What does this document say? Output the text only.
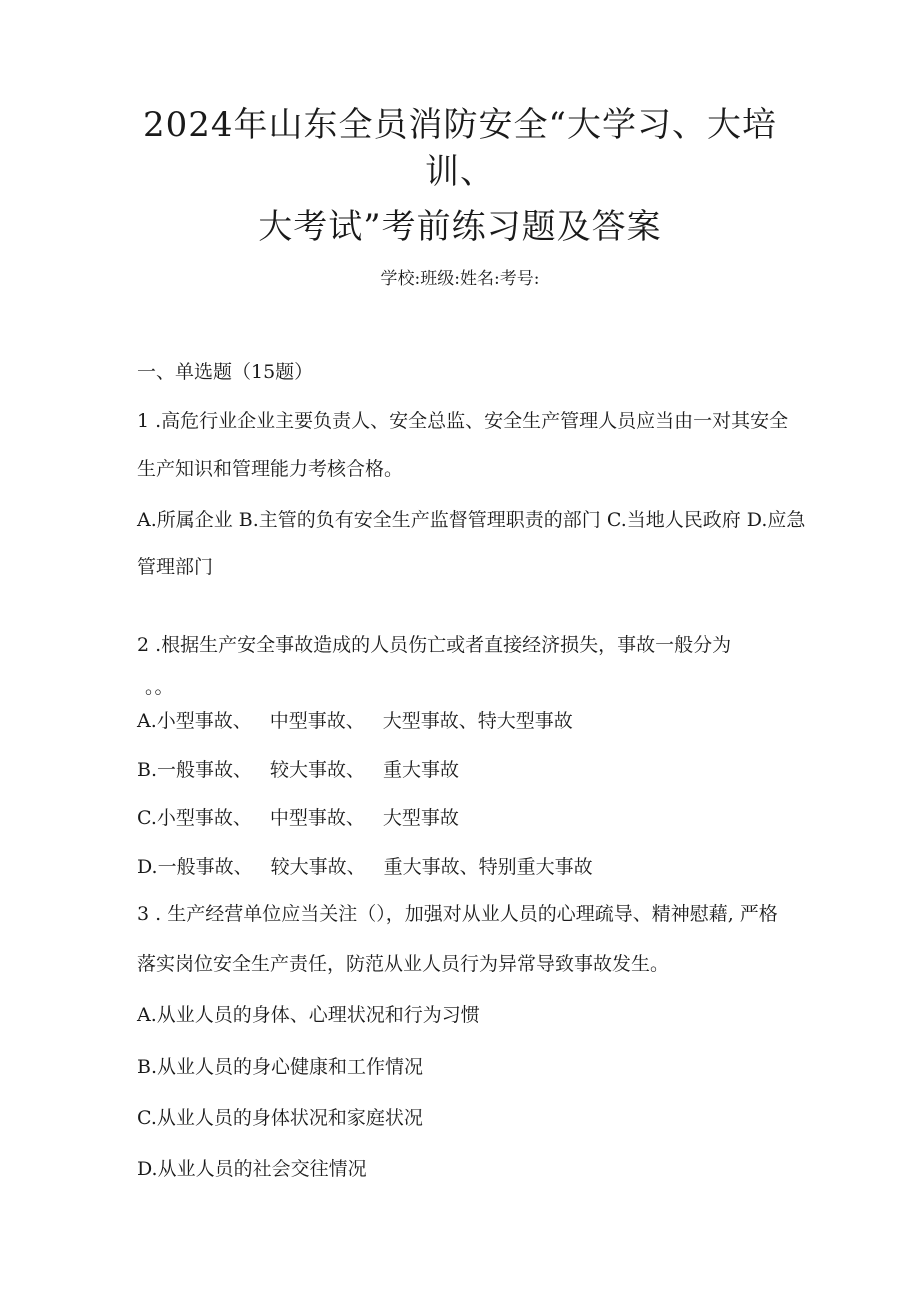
2024年山东全员消防安全“大学习、大培
训、
大考试”考前练习题及答案
学校:班级:姓名:考号:
一、单选题（15题）
1 .高危行业企业主要负责人、安全总监、安全生产管理人员应当由一对其安全
生产知识和管理能力考核合格。
A.所属企业 B.主管的负有安全生产监督管理职责的部门 C.当地人民政府 D.应急
管理部门
2 .根据生产安全事故造成的人员伤亡或者直接经济损失，事故一般分为
。。
A.小型事故、 中型事故、 大型事故、特大型事故
B.一般事故、 较大事故、 重大事故
C.小型事故、 中型事故、 大型事故
D.一般事故、 较大事故、 重大事故、特别重大事故
3 . 生产经营单位应当关注（），加强对从业人员的心理疏导、精神慰藉, 严格
落实岗位安全生产责任，防范从业人员行为异常导致事故发生。
A.从业人员的身体、心理状况和行为习惯
B.从业人员的身心健康和工作情况
C.从业人员的身体状况和家庭状况
D.从业人员的社会交往情况
